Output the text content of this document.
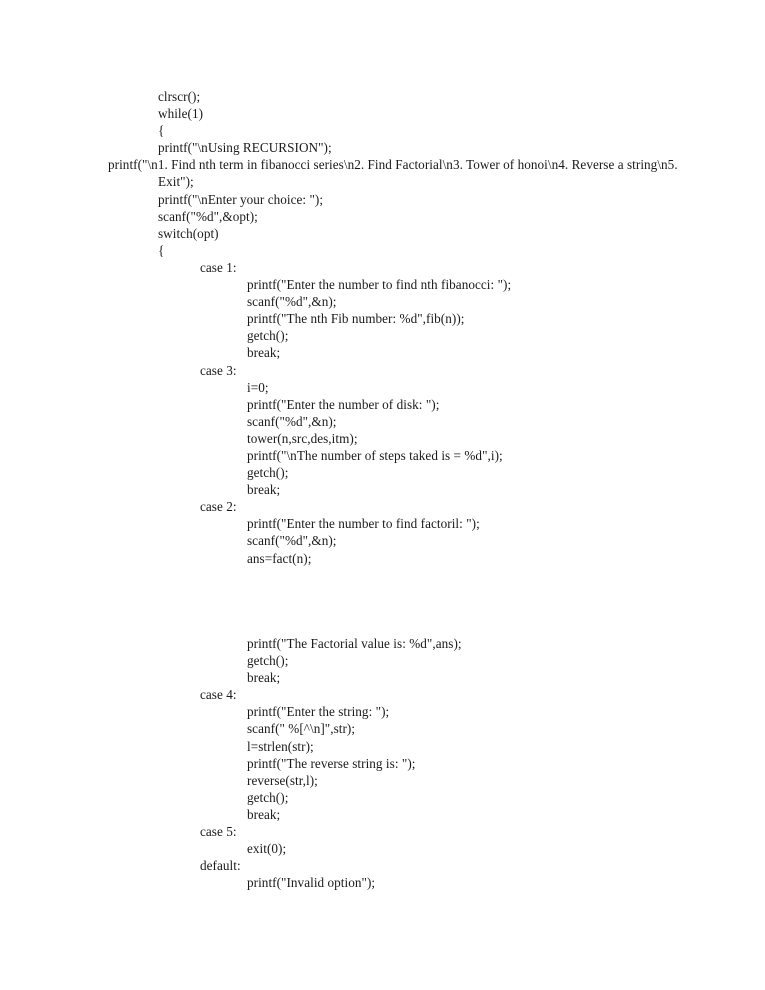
clrscr();
while(1)
{
printf("\nUsing RECURSION");
printf("\n1. Find nth term in fibanocci series\n2. Find Factorial\n3. Tower of honoi\n4. Reverse a string\n5. Exit");
printf("\nEnter your choice: ");
scanf("%d",&opt);
switch(opt)
{
case 1:
printf("Enter the number to find nth fibanocci: ");
scanf("%d",&n);
printf("The nth Fib number: %d",fib(n));
getch();
break;
case 3:
i=0;
printf("Enter the number of disk: ");
scanf("%d",&n);
tower(n,src,des,itm);
printf("\nThe number of steps taked is = %d",i);
getch();
break;
case 2:
printf("Enter the number to find factoril: ");
scanf("%d",&n);
ans=fact(n);

printf("The Factorial value is: %d",ans);
getch();
break;
case 4:
printf("Enter the string: ");
scanf(" %[^\n]",str);
l=strlen(str);
printf("The reverse string is: ");
reverse(str,l);
getch();
break;
case 5:
exit(0);
default:
printf("Invalid option");
